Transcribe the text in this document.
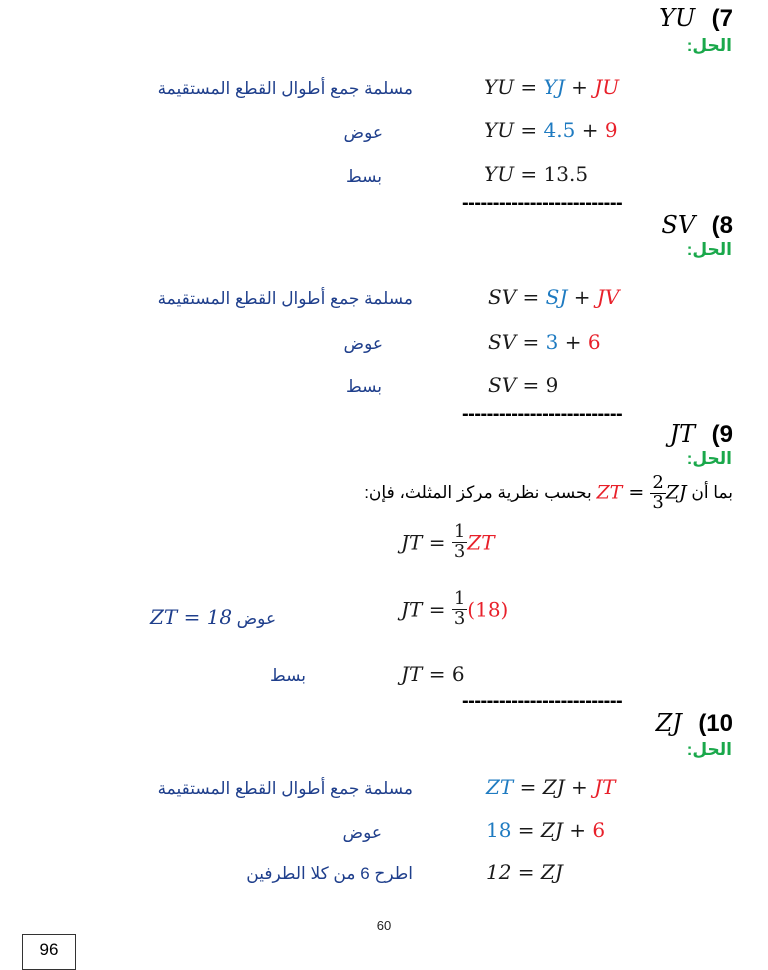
YU (7
الحل:
مسلمة جمع أطوال القطع المستقيمة	YU = YJ + JU
عوض	YU = 4.5 + 9
بسط	YU = 13.5
--------------------------
SV (8
الحل:
مسلمة جمع أطوال القطع المستقيمة	SV = SJ + JV
عوض	SV = 3 + 6
بسط	SV = 9
--------------------------
JT (9
الحل:
بما أن ZT = $\frac{2}{3}$ ZJ بحسب نظرية مركز المثلث، فإن:
JT = $\frac{1}{3}$ ZT
عوض ZT = 18	JT = $\frac{1}{3} (18)$
بسط	JT = 6
--------------------------
ZJ (10
الحل:
مسلمة جمع أطوال القطع المستقيمة	ZT = ZJ + JT
عوض	18 = ZJ + 6
اطرح 6 من كلا الطرفين	12 = ZJ
60
96
